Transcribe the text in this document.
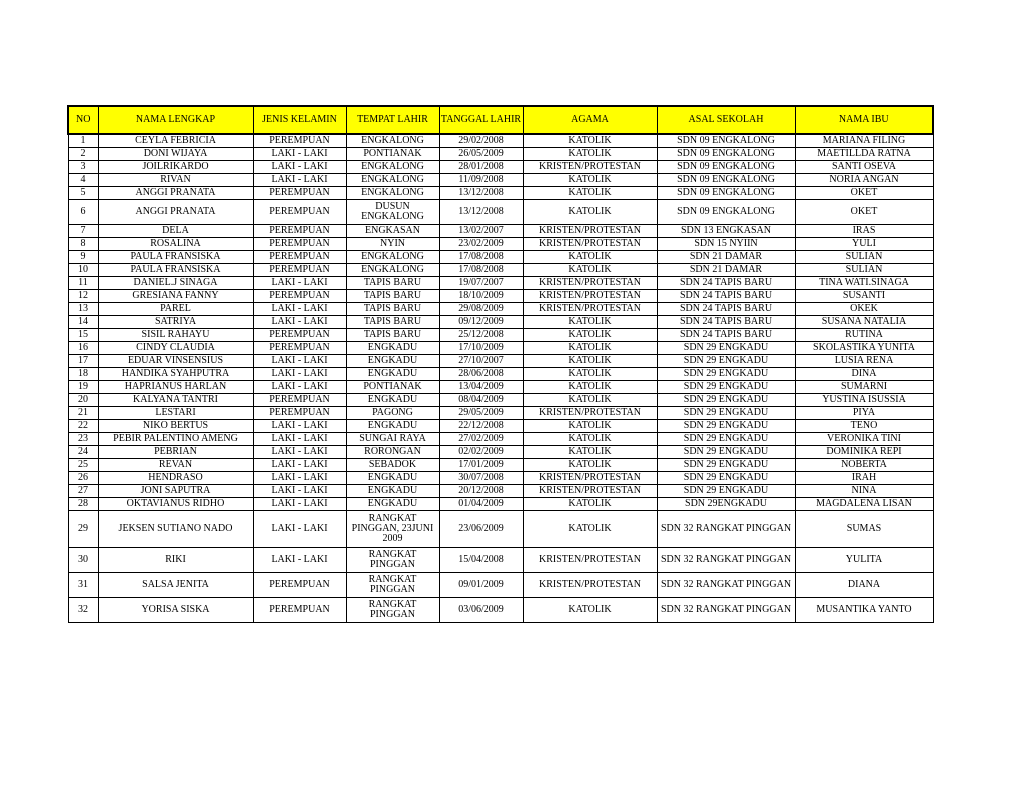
NO	NAMA LENGKAP	JENIS KELAMIN	TEMPAT LAHIR	TANGGAL LAHIR	AGAMA	ASAL SEKOLAH	NAMA IBU
1	CEYLA FEBRICIA	PEREMPUAN	ENGKALONG	29/02/2008	KATOLIK	SDN 09 ENGKALONG	MARIANA FILING
2	DONI WIJAYA	LAKI - LAKI	PONTIANAK	26/05/2009	KATOLIK	SDN 09 ENGKALONG	MAETILLDA RATNA
3	JOILRIKARDO	LAKI - LAKI	ENGKALONG	28/01/2008	KRISTEN/PROTESTAN	SDN 09 ENGKALONG	SANTI OSEVA
4	RIVAN	LAKI - LAKI	ENGKALONG	11/09/2008	KATOLIK	SDN 09 ENGKALONG	NORIA ANGAN
5	ANGGI PRANATA	PEREMPUAN	ENGKALONG	13/12/2008	KATOLIK	SDN 09 ENGKALONG	OKET
6	ANGGI PRANATA	PEREMPUAN	DUSUN ENGKALONG	13/12/2008	KATOLIK	SDN 09 ENGKALONG	OKET
7	DELA	PEREMPUAN	ENGKASAN	13/02/2007	KRISTEN/PROTESTAN	SDN 13 ENGKASAN	IRAS
8	ROSALINA	PEREMPUAN	NYIN	23/02/2009	KRISTEN/PROTESTAN	SDN 15 NYIIN	YULI
9	PAULA FRANSISKA	PEREMPUAN	ENGKALONG	17/08/2008	KATOLIK	SDN 21 DAMAR	SULIAN
10	PAULA FRANSISKA	PEREMPUAN	ENGKALONG	17/08/2008	KATOLIK	SDN 21 DAMAR	SULIAN
11	DANIEL.J SINAGA	LAKI - LAKI	TAPIS BARU	19/07/2007	KRISTEN/PROTESTAN	SDN 24 TAPIS BARU	TINA WATI.SINAGA
12	GRESIANA FANNY	PEREMPUAN	TAPIS BARU	18/10/2009	KRISTEN/PROTESTAN	SDN 24 TAPIS BARU	SUSANTI
13	PAREL	LAKI - LAKI	TAPIS BARU	29/08/2009	KRISTEN/PROTESTAN	SDN 24 TAPIS BARU	OKEK
14	SATRIYA	LAKI - LAKI	TAPIS BARU	09/12/2009	KATOLIK	SDN 24 TAPIS BARU	SUSANA NATALIA
15	SISIL RAHAYU	PEREMPUAN	TAPIS BARU	25/12/2008	KATOLIK	SDN 24 TAPIS BARU	RUTINA
16	CINDY CLAUDIA	PEREMPUAN	ENGKADU	17/10/2009	KATOLIK	SDN 29 ENGKADU	SKOLASTIKA YUNITA
17	EDUAR VINSENSIUS	LAKI - LAKI	ENGKADU	27/10/2007	KATOLIK	SDN 29 ENGKADU	LUSIA RENA
18	HANDIKA SYAHPUTRA	LAKI - LAKI	ENGKADU	28/06/2008	KATOLIK	SDN 29 ENGKADU	DINA
19	HAPRIANUS HARLAN	LAKI - LAKI	PONTIANAK	13/04/2009	KATOLIK	SDN 29 ENGKADU	SUMARNI
20	KALYANA TANTRI	PEREMPUAN	ENGKADU	08/04/2009	KATOLIK	SDN 29 ENGKADU	YUSTINA ISUSSIA
21	LESTARI	PEREMPUAN	PAGONG	29/05/2009	KRISTEN/PROTESTAN	SDN 29 ENGKADU	PIYA
22	NIKO BERTUS	LAKI - LAKI	ENGKADU	22/12/2008	KATOLIK	SDN 29 ENGKADU	TENO
23	PEBIR PALENTINO AMENG	LAKI - LAKI	SUNGAI RAYA	27/02/2009	KATOLIK	SDN 29 ENGKADU	VERONIKA TINI
24	PEBRIAN	LAKI - LAKI	RORONGAN	02/02/2009	KATOLIK	SDN 29 ENGKADU	DOMINIKA REPI
25	REVAN	LAKI - LAKI	SEBADOK	17/01/2009	KATOLIK	SDN 29 ENGKADU	NOBERTA
26	HENDRASO	LAKI - LAKI	ENGKADU	30/07/2008	KRISTEN/PROTESTAN	SDN 29 ENGKADU	IRAH
27	JONI SAPUTRA	LAKI - LAKI	ENGKADU	20/12/2008	KRISTEN/PROTESTAN	SDN 29 ENGKADU	NINA
28	OKTAVIANUS RIDHO	LAKI - LAKI	ENGKADU	01/04/2009	KATOLIK	SDN 29ENGKADU	MAGDALENA LISAN
29	JEKSEN SUTIANO NADO	LAKI - LAKI	RANGKAT PINGGAN, 23JUNI 2009	23/06/2009	KATOLIK	SDN 32 RANGKAT PINGGAN	SUMAS
30	RIKI	LAKI - LAKI	RANGKAT PINGGAN	15/04/2008	KRISTEN/PROTESTAN	SDN 32 RANGKAT PINGGAN	YULITA
31	SALSA JENITA	PEREMPUAN	RANGKAT PINGGAN	09/01/2009	KRISTEN/PROTESTAN	SDN 32 RANGKAT PINGGAN	DIANA
32	YORISA SISKA	PEREMPUAN	RANGKAT PINGGAN	03/06/2009	KATOLIK	SDN 32 RANGKAT PINGGAN	MUSANTIKA YANTO
